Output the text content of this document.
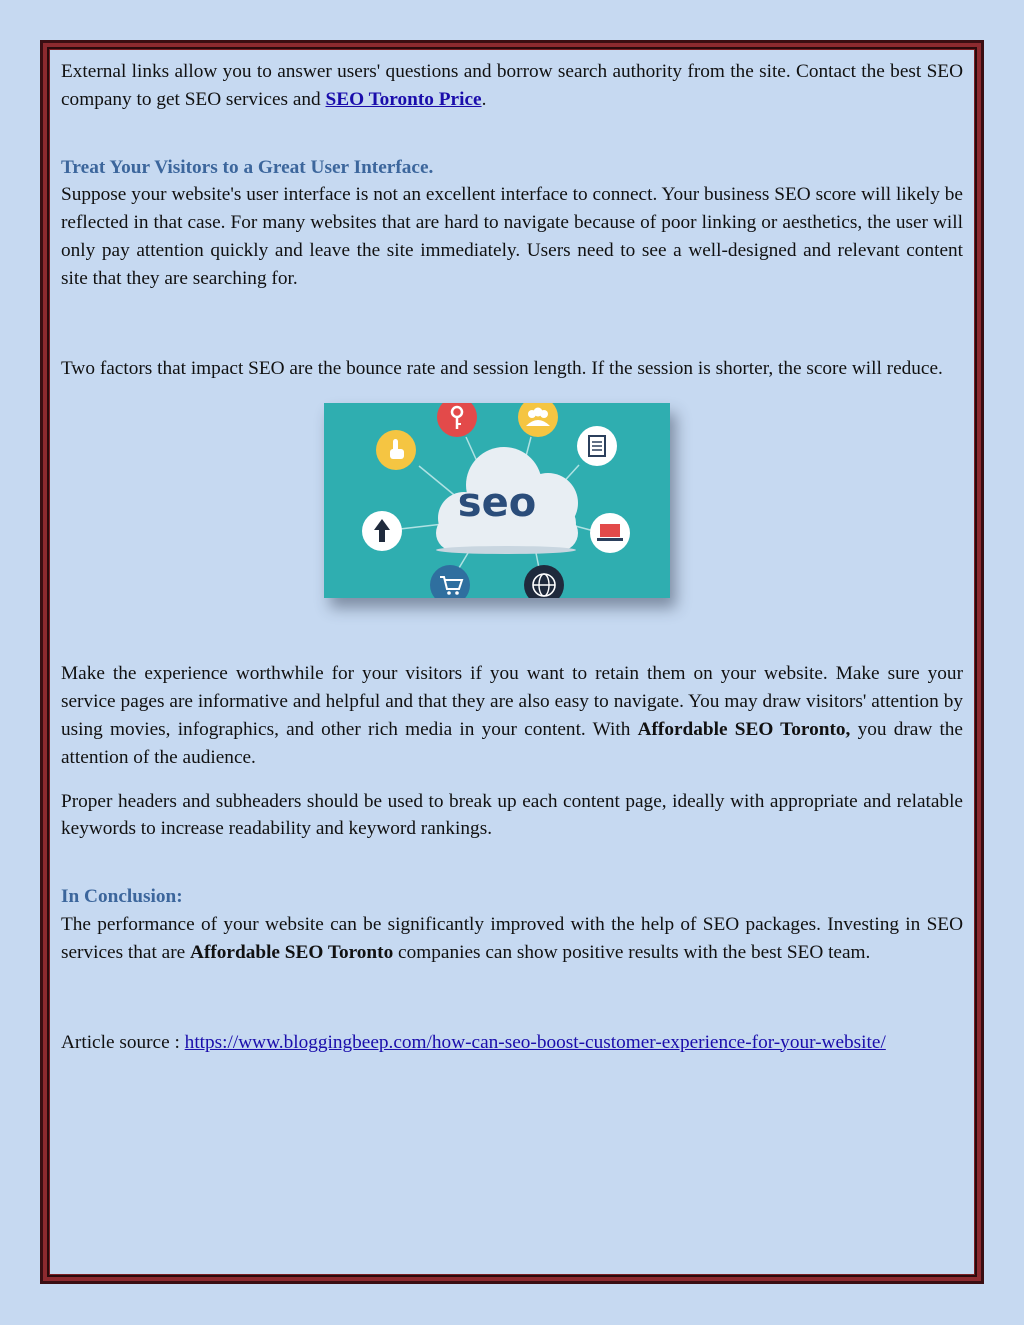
External links allow you to answer users' questions and borrow search authority from the site. Contact the best SEO company to get SEO services and SEO Toronto Price.

Treat Your Visitors to a Great User Interface.

Suppose your website's user interface is not an excellent interface to connect. Your business SEO score will likely be reflected in that case. For many websites that are hard to navigate because of poor linking or aesthetics, the user will only pay attention quickly and leave the site immediately. Users need to see a well-designed and relevant content site that they are searching for.

Two factors that impact SEO are the bounce rate and session length. If the session is shorter, the score will reduce.

seo

Make the experience worthwhile for your visitors if you want to retain them on your website. Make sure your service pages are informative and helpful and that they are also easy to navigate. You may draw visitors' attention by using movies, infographics, and other rich media in your content. With Affordable SEO Toronto, you draw the attention of the audience.

Proper headers and subheaders should be used to break up each content page, ideally with appropriate and relatable keywords to increase readability and keyword rankings.

In Conclusion:

The performance of your website can be significantly improved with the help of SEO packages. Investing in SEO services that are Affordable SEO Toronto companies can show positive results with the best SEO team.

Article source : https://www.bloggingbeep.com/how-can-seo-boost-customer-experience-for-your-website/
